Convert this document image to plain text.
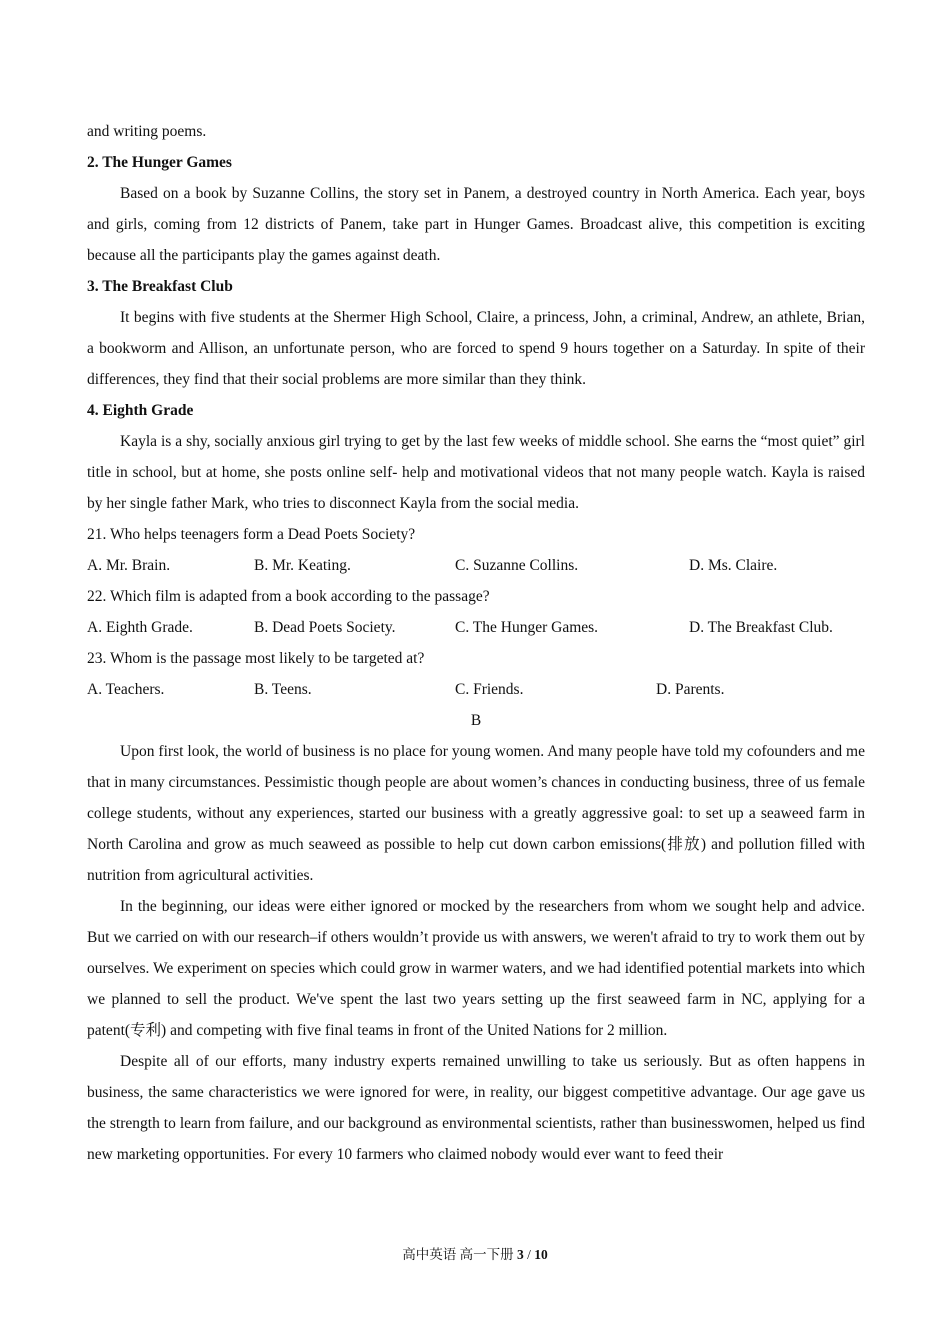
and writing poems.

2. The Hunger Games

Based on a book by Suzanne Collins, the story set in Panem, a destroyed country in North America. Each year, boys and girls, coming from 12 districts of Panem, take part in Hunger Games. Broadcast alive, this competition is exciting because all the participants play the games against death.

3. The Breakfast Club

It begins with five students at the Shermer High School, Claire, a princess, John, a criminal, Andrew, an athlete, Brian, a bookworm and Allison, an unfortunate person, who are forced to spend 9 hours together on a Saturday. In spite of their differences, they find that their social problems are more similar than they think.

4. Eighth Grade

Kayla is a shy, socially anxious girl trying to get by the last few weeks of middle school. She earns the “most quiet” girl title in school, but at home, she posts online self- help and motivational videos that not many people watch. Kayla is raised by her single father Mark, who tries to disconnect Kayla from the social media.

21. Who helps teenagers form a Dead Poets Society?

A. Mr. Brain.	B. Mr. Keating.	C. Suzanne Collins.	D. Ms. Claire.

22. Which film is adapted from a book according to the passage?

A. Eighth Grade.	B. Dead Poets Society.	C. The Hunger Games.	D. The Breakfast Club.

23. Whom is the passage most likely to be targeted at?

A. Teachers.	B. Teens.	C. Friends.	D. Parents.

B

Upon first look, the world of business is no place for young women. And many people have told my cofounders and me that in many circumstances. Pessimistic though people are about women’s chances in conducting business, three of us female college students, without any experiences, started our business with a greatly aggressive goal: to set up a seaweed farm in North Carolina and grow as much seaweed as possible to help cut down carbon emissions(排放) and pollution filled with nutrition from agricultural activities.

In the beginning, our ideas were either ignored or mocked by the researchers from whom we sought help and advice. But we carried on with our research–if others wouldn’t provide us with answers, we weren't afraid to try to work them out by ourselves. We experiment on species which could grow in warmer waters, and we had identified potential markets into which we planned to sell the product. We've spent the last two years setting up the first seaweed farm in NC, applying for a patent(专利) and competing with five final teams in front of the United Nations for 2 million.

Despite all of our efforts, many industry experts remained unwilling to take us seriously. But as often happens in business, the same characteristics we were ignored for were, in reality, our biggest competitive advantage. Our age gave us the strength to learn from failure, and our background as environmental scientists, rather than businesswomen, helped us find new marketing opportunities. For every 10 farmers who claimed nobody would ever want to feed their

高中英语 高一下册 3 / 10
